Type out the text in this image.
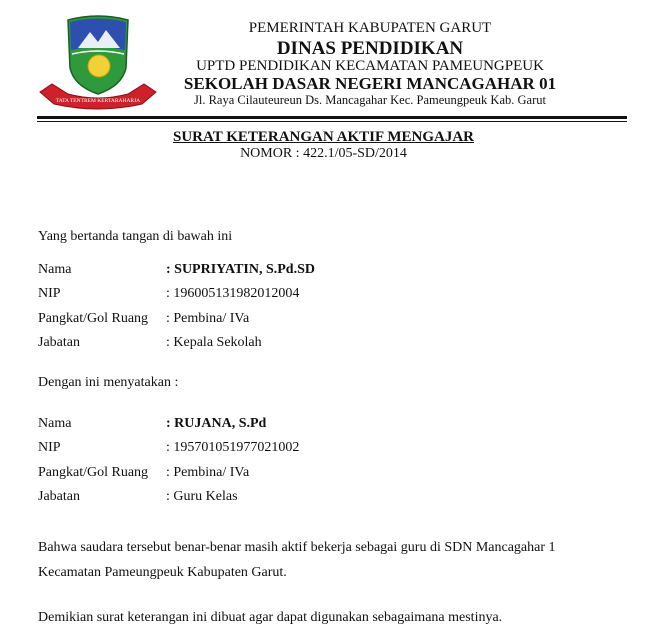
TATA TENTREM KERTARAHARJA
PEMERINTAH KABUPATEN GARUT
DINAS PENDIDIKAN
UPTD PENDIDIKAN KECAMATAN PAMEUNGPEUK
SEKOLAH DASAR NEGERI MANCAGAHAR 01
Jl. Raya Cilauteureun Ds. Mancagahar Kec. Pameungpeuk Kab. Garut
SURAT KETERANGAN AKTIF MENGAJAR
NOMOR : 422.1/05-SD/2014
Yang bertanda tangan di bawah ini
Nama	: SUPRIYATIN, S.Pd.SD
NIP	: 196005131982012004
Pangkat/Gol Ruang : Pembina/ IVa
Jabatan	: Kepala Sekolah
Dengan ini menyatakan :
Nama	: RUJANA, S.Pd
NIP	: 195701051977021002
Pangkat/Gol Ruang : Pembina/ IVa
Jabatan	: Guru Kelas
Bahwa saudara tersebut benar-benar masih aktif bekerja sebagai guru di SDN Mancagahar 1
Kecamatan Pameungpeuk Kabupaten Garut.
Demikian surat keterangan ini dibuat agar dapat digunakan sebagaimana mestinya.
